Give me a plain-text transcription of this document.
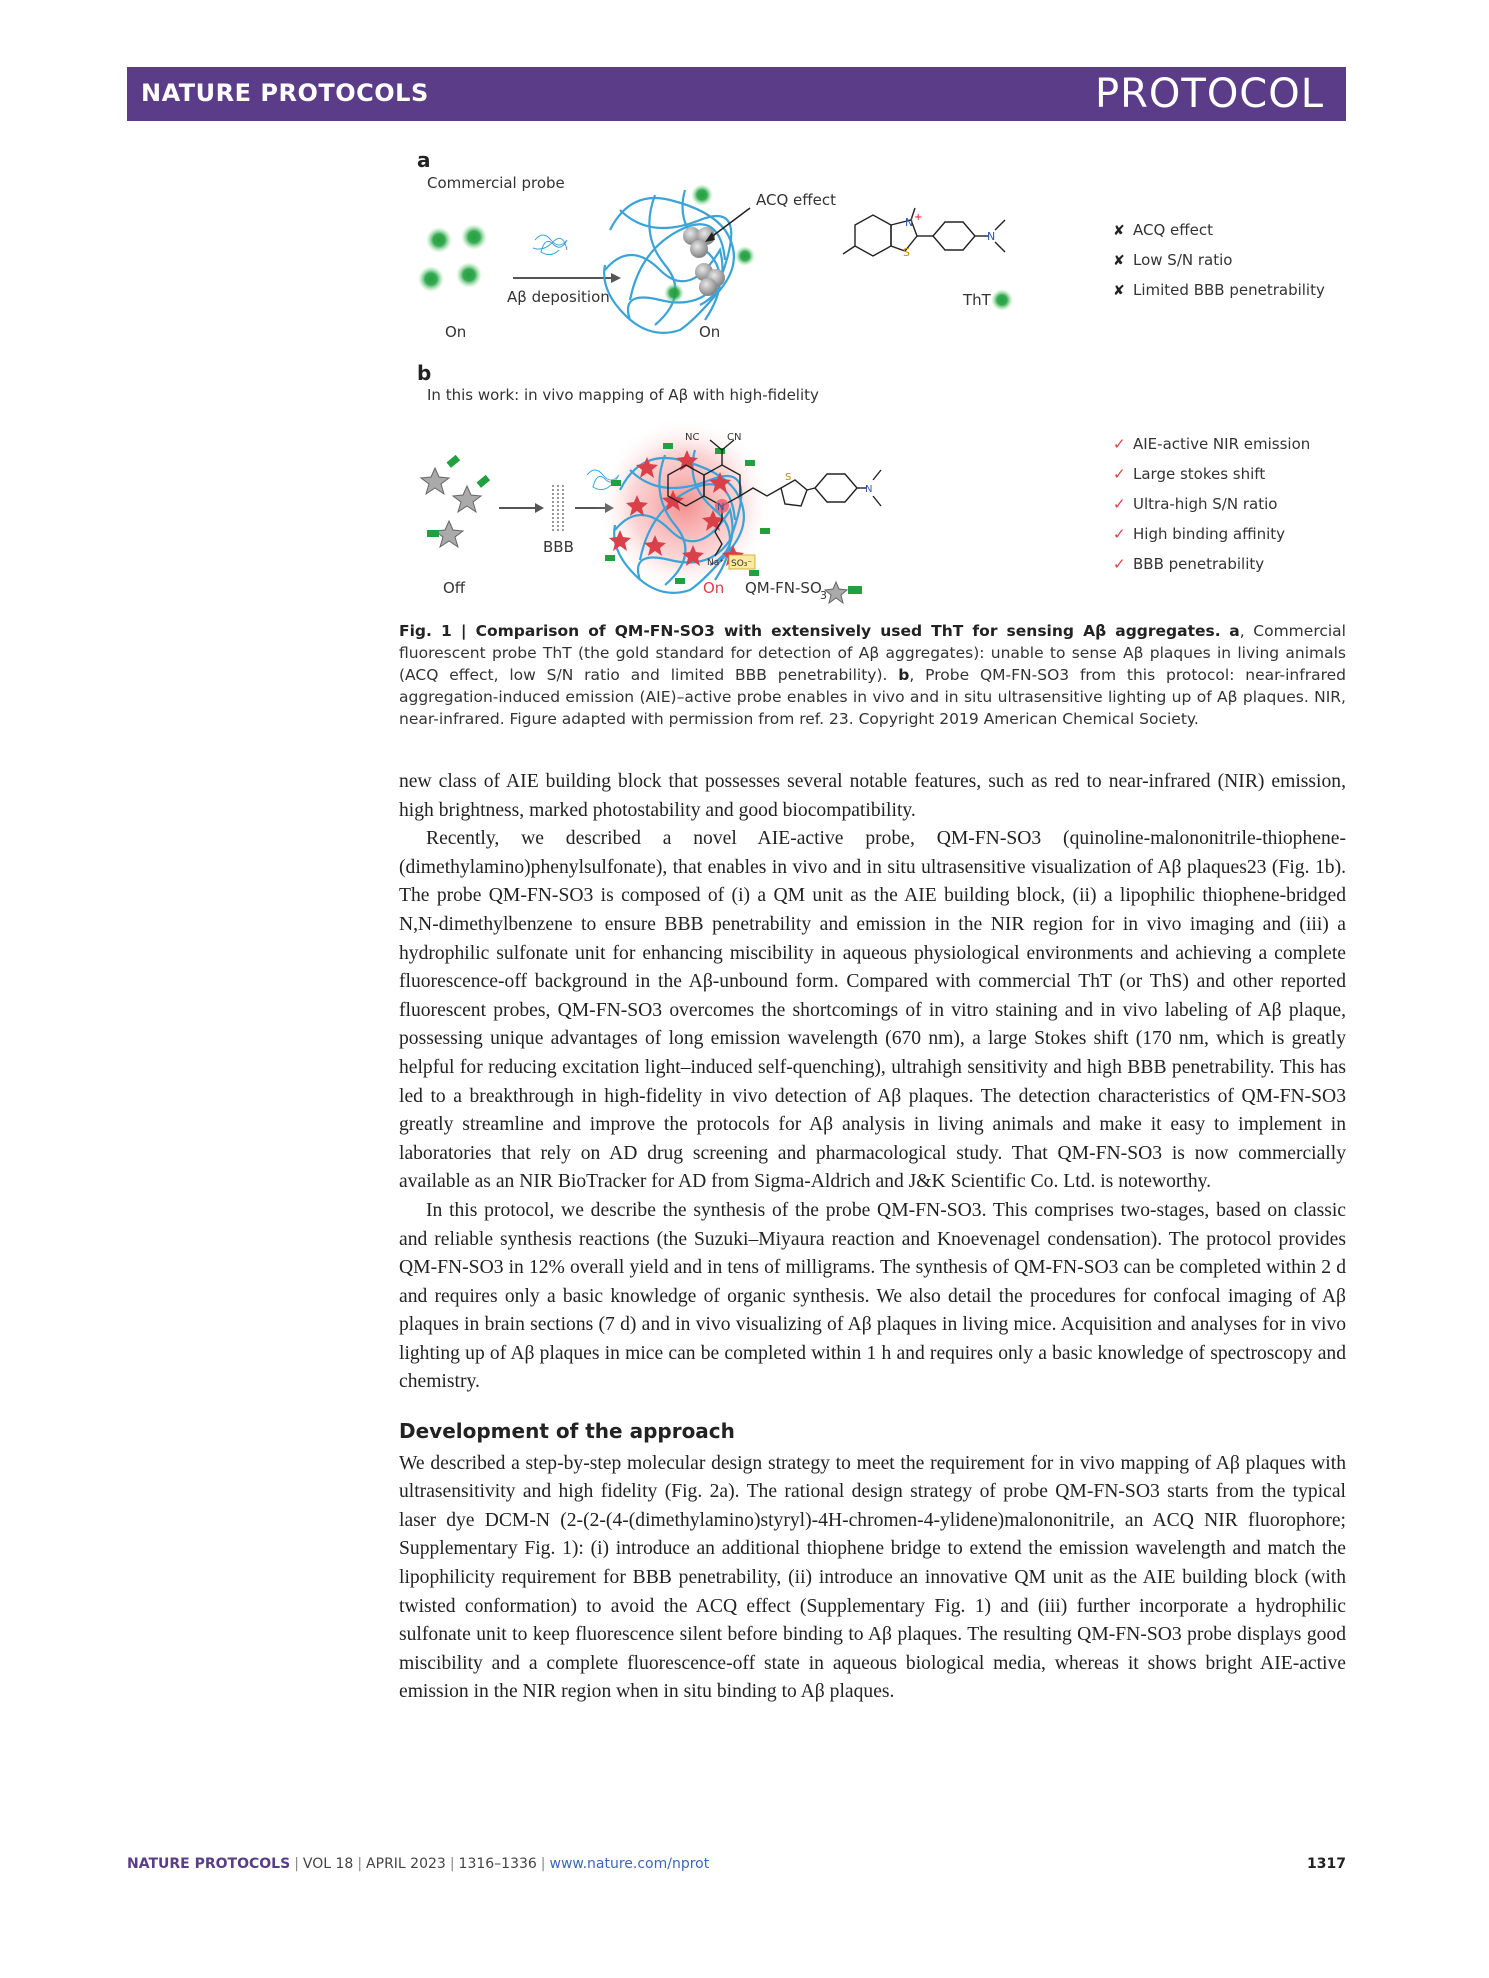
NATURE PROTOCOLS	PROTOCOL
a
Commercial probe
On
Aβ deposition
ACQ effect
On
N +
S
N
ThT
✘ ACQ effect
✘ Low S/N ratio
✘ Limited BBB penetrability
b
In this work: in vivo mapping of Aβ with high-fidelity
Off
BBB
On
NC	CN
N
S
N
Na⁺ SO₃⁻
QM-FN-SO
3
✓ AIE-active NIR emission
✓ Large stokes shift
✓ Ultra-high S/N ratio
✓ High binding affinity
✓ BBB penetrability
Fig. 1 | Comparison of QM-FN-SO3 with extensively used ThT for sensing Aβ aggregates. a, Commercial fluorescent probe ThT (the gold standard for detection of Aβ aggregates): unable to sense Aβ plaques in living animals (ACQ effect, low S/N ratio and limited BBB penetrability). b, Probe QM-FN-SO3 from this protocol: near-infrared aggregation-induced emission (AIE)–active probe enables in vivo and in situ ultrasensitive lighting up of Aβ plaques. NIR, near-infrared. Figure adapted with permission from ref. 23. Copyright 2019 American Chemical Society.

new class of AIE building block that possesses several notable features, such as red to near-infrared (NIR) emission, high brightness, marked photostability and good biocompatibility.

Recently, we described a novel AIE-active probe, QM-FN-SO3 (quinoline-malononitrile-thiophene-(dimethylamino)phenylsulfonate), that enables in vivo and in situ ultrasensitive visualization of Aβ plaques23 (Fig. 1b). The probe QM-FN-SO3 is composed of (i) a QM unit as the AIE building block, (ii) a lipophilic thiophene-bridged N,N-dimethylbenzene to ensure BBB penetrability and emission in the NIR region for in vivo imaging and (iii) a hydrophilic sulfonate unit for enhancing miscibility in aqueous physiological environments and achieving a complete fluorescence-off background in the Aβ-unbound form. Compared with commercial ThT (or ThS) and other reported fluorescent probes, QM-FN-SO3 overcomes the shortcomings of in vitro staining and in vivo labeling of Aβ plaque, possessing unique advantages of long emission wavelength (670 nm), a large Stokes shift (170 nm, which is greatly helpful for reducing excitation light–induced self-quenching), ultrahigh sensitivity and high BBB penetrability. This has led to a breakthrough in high-fidelity in vivo detection of Aβ plaques. The detection characteristics of QM-FN-SO3 greatly streamline and improve the protocols for Aβ analysis in living animals and make it easy to implement in laboratories that rely on AD drug screening and pharmacological study. That QM-FN-SO3 is now commercially available as an NIR BioTracker for AD from Sigma-Aldrich and J&K Scientific Co. Ltd. is noteworthy.

In this protocol, we describe the synthesis of the probe QM-FN-SO3. This comprises two-stages, based on classic and reliable synthesis reactions (the Suzuki–Miyaura reaction and Knoevenagel condensation). The protocol provides QM-FN-SO3 in 12% overall yield and in tens of milligrams. The synthesis of QM-FN-SO3 can be completed within 2 d and requires only a basic knowledge of organic synthesis. We also detail the procedures for confocal imaging of Aβ plaques in brain sections (7 d) and in vivo visualizing of Aβ plaques in living mice. Acquisition and analyses for in vivo lighting up of Aβ plaques in mice can be completed within 1 h and requires only a basic knowledge of spectroscopy and chemistry.

Development of the approach

We described a step-by-step molecular design strategy to meet the requirement for in vivo mapping of Aβ plaques with ultrasensitivity and high fidelity (Fig. 2a). The rational design strategy of probe QM-FN-SO3 starts from the typical laser dye DCM-N (2-(2-(4-(dimethylamino)styryl)-4H-chromen-4-ylidene)malononitrile, an ACQ NIR fluorophore; Supplementary Fig. 1): (i) introduce an additional thiophene bridge to extend the emission wavelength and match the lipophilicity requirement for BBB penetrability, (ii) introduce an innovative QM unit as the AIE building block (with twisted conformation) to avoid the ACQ effect (Supplementary Fig. 1) and (iii) further incorporate a hydrophilic sulfonate unit to keep fluorescence silent before binding to Aβ plaques. The resulting QM-FN-SO3 probe displays good miscibility and a complete fluorescence-off state in aqueous biological media, whereas it shows bright AIE-active emission in the NIR region when in situ binding to Aβ plaques.

NATURE PROTOCOLS | VOL 18 | APRIL 2023 | 1316–1336 | www.nature.com/nprot	1317
